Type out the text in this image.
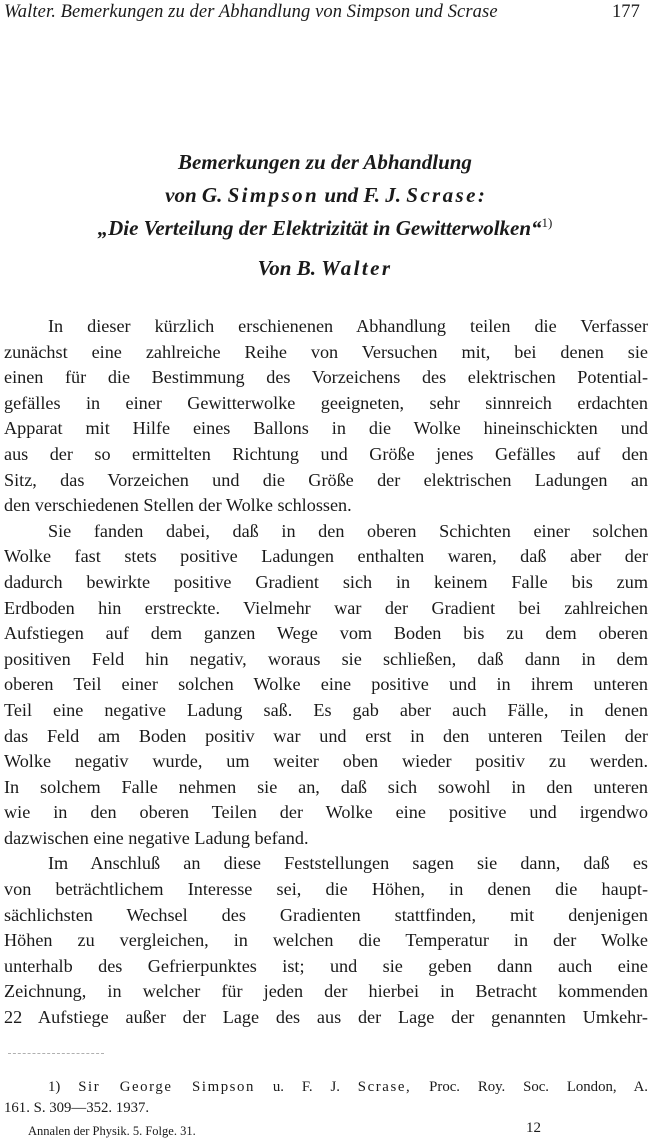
Walter. Bemerkungen zu der Abhandlung von Simpson und Scrase	177
Bemerkungen zu der Abhandlung
von G. Simpson und F. J. Scrase:
„Die Verteilung der Elektrizität in Gewitterwolken“$^{1)}$
Von B. Walter
In dieser kürzlich erschienenen Abhandlung teilen die Verfasser
zunächst eine zahlreiche Reihe von Versuchen mit, bei denen sie
einen für die Bestimmung des Vorzeichens des elektrischen Potential-
gefälles in einer Gewitterwolke geeigneten, sehr sinnreich erdachten
Apparat mit Hilfe eines Ballons in die Wolke hineinschickten und
aus der so ermittelten Richtung und Größe jenes Gefälles auf den
Sitz, das Vorzeichen und die Größe der elektrischen Ladungen an
den verschiedenen Stellen der Wolke schlossen.
Sie fanden dabei, daß in den oberen Schichten einer solchen
Wolke fast stets positive Ladungen enthalten waren, daß aber der
dadurch bewirkte positive Gradient sich in keinem Falle bis zum
Erdboden hin erstreckte. Vielmehr war der Gradient bei zahlreichen
Aufstiegen auf dem ganzen Wege vom Boden bis zu dem oberen
positiven Feld hin negativ, woraus sie schließen, daß dann in dem
oberen Teil einer solchen Wolke eine positive und in ihrem unteren
Teil eine negative Ladung saß. Es gab aber auch Fälle, in denen
das Feld am Boden positiv war und erst in den unteren Teilen der
Wolke negativ wurde, um weiter oben wieder positiv zu werden.
In solchem Falle nehmen sie an, daß sich sowohl in den unteren
wie in den oberen Teilen der Wolke eine positive und irgendwo
dazwischen eine negative Ladung befand.
Im Anschluß an diese Feststellungen sagen sie dann, daß es
von beträchtlichem Interesse sei, die Höhen, in denen die haupt-
sächlichsten Wechsel des Gradienten stattfinden, mit denjenigen
Höhen zu vergleichen, in welchen die Temperatur in der Wolke
unterhalb des Gefrierpunktes ist; und sie geben dann auch eine
Zeichnung, in welcher für jeden der hierbei in Betracht kommenden
22 Aufstiege außer der Lage des aus der Lage der genannten Umkehr-
1) Sir George Simpson u. F. J. Scrase, Proc. Roy. Soc. London, A.
161. S. 309—352. 1937.
Annalen der Physik. 5. Folge. 31.	12
